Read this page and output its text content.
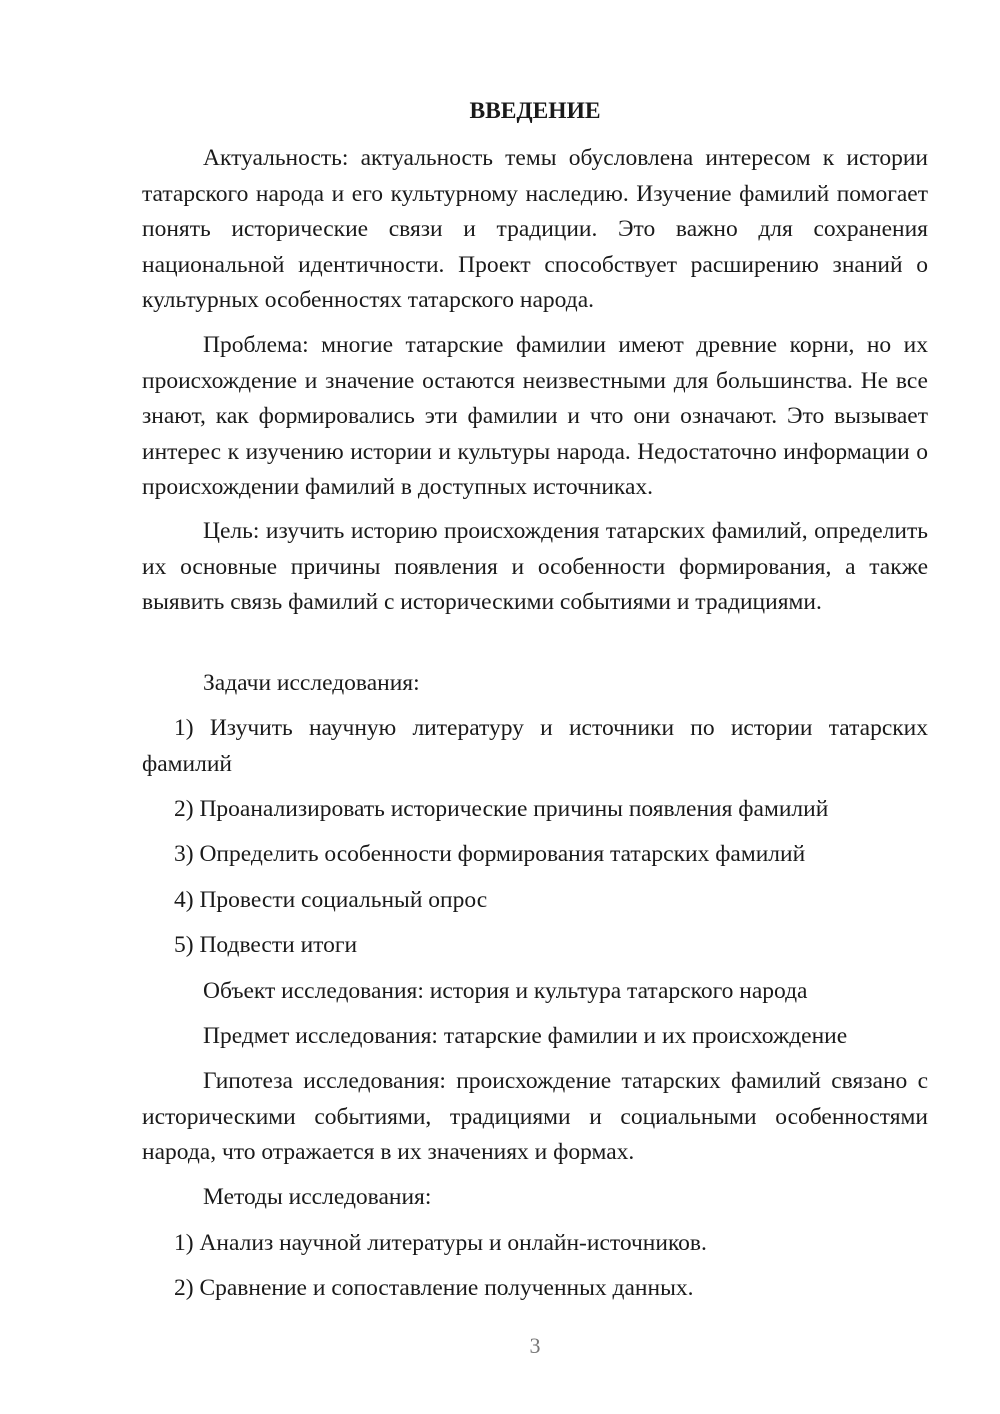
ВВЕДЕНИЕ

Актуальность: актуальность темы обусловлена интересом к истории татарского народа и его культурному наследию. Изучение фамилий помогает понять исторические связи и традиции. Это важно для сохранения национальной идентичности. Проект способствует расширению знаний о культурных особенностях татарского народа.

Проблема: многие татарские фамилии имеют древние корни, но их происхождение и значение остаются неизвестными для большинства. Не все знают, как формировались эти фамилии и что они означают. Это вызывает интерес к изучению истории и культуры народа. Недостаточно информации о происхождении фамилий в доступных источниках.

Цель: изучить историю происхождения татарских фамилий, определить их основные причины появления и особенности формирования, а также выявить связь фамилий с историческими событиями и традициями.

Задачи исследования:

1) Изучить научную литературу и источники по истории татарских фамилий

2) Проанализировать исторические причины появления фамилий

3) Определить особенности формирования татарских фамилий

4) Провести социальный опрос

5) Подвести итоги

Объект исследования: история и культура татарского народа

Предмет исследования: татарские фамилии и их происхождение

Гипотеза исследования: происхождение татарских фамилий связано с историческими событиями, традициями и социальными особенностями народа, что отражается в их значениях и формах.

Методы исследования:

1) Анализ научной литературы и онлайн-источников.

2) Сравнение и сопоставление полученных данных.

3
